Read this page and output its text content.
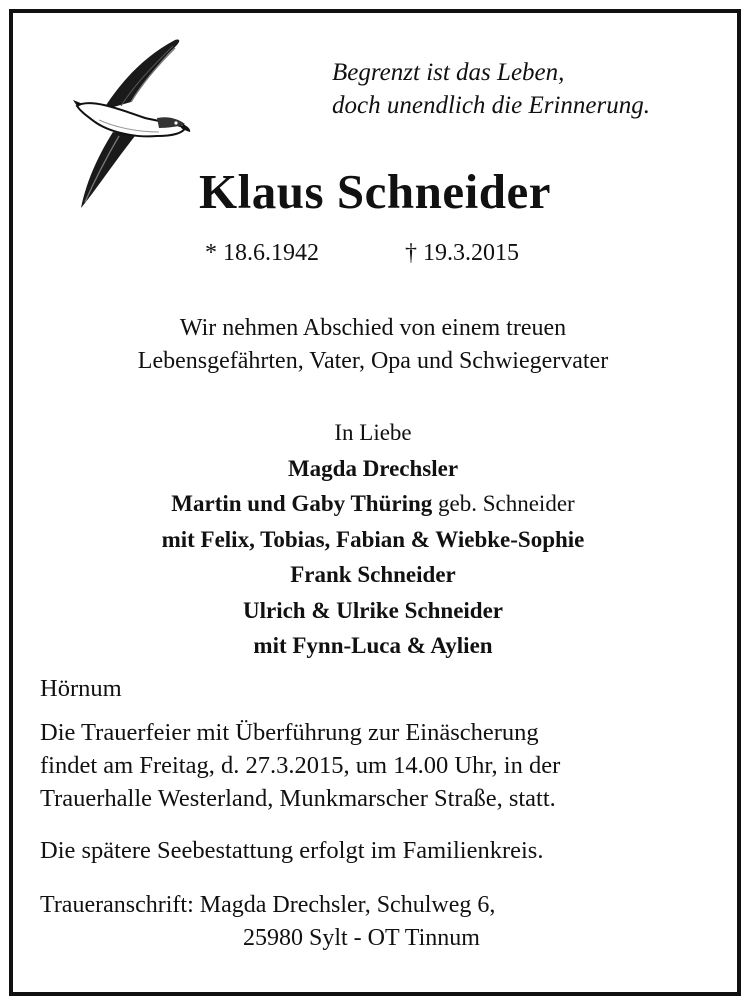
Begrenzt ist das Leben,
doch unendlich die Erinnerung.
Klaus Schneider
* 18.6.1942	† 19.3.2015
Wir nehmen Abschied von einem treuen
Lebensgefährten, Vater, Opa und Schwiegervater
In Liebe
Magda Drechsler
Martin und Gaby Thüring geb. Schneider
mit Felix, Tobias, Fabian & Wiebke-Sophie
Frank Schneider
Ulrich & Ulrike Schneider
mit Fynn-Luca & Aylien
Hörnum
Die Trauerfeier mit Überführung zur Einäscherung
findet am Freitag, d. 27.3.2015, um 14.00 Uhr, in der
Trauerhalle Westerland, Munkmarscher Straße, statt.
Die spätere Seebestattung erfolgt im Familienkreis.
Traueranschrift: Magda Drechsler, Schulweg 6,
25980 Sylt - OT Tinnum
